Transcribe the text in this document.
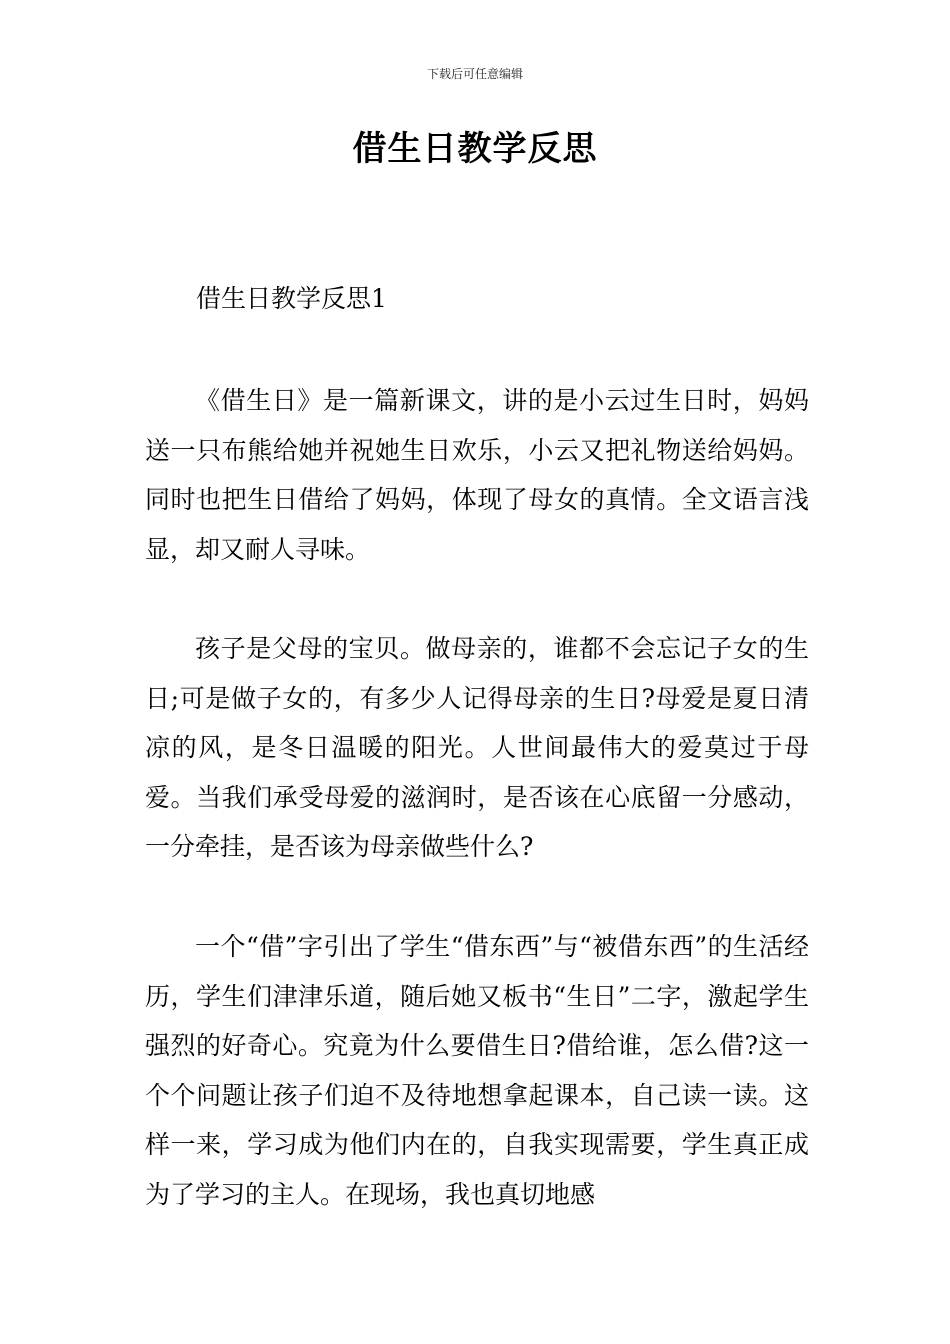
下载后可任意编辑

借生日教学反思
借生日教学反思1

《借生日》是一篇新课文，讲的是小云过生日时，妈妈送一只布熊给她并祝她生日欢乐，小云又把礼物送给妈妈。同时也把生日借给了妈妈，体现了母女的真情。全文语言浅显，却又耐人寻味。

孩子是父母的宝贝。做母亲的，谁都不会忘记子女的生日;可是做子女的，有多少人记得母亲的生日?母爱是夏日清凉的风，是冬日温暖的阳光。人世间最伟大的爱莫过于母爱。当我们承受母爱的滋润时，是否该在心底留一分感动，一分牵挂，是否该为母亲做些什么?

一个“借”字引出了学生“借东西”与“被借东西”的生活经历，学生们津津乐道，随后她又板书“生日”二字，激起学生强烈的好奇心。究竟为什么要借生日?借给谁，怎么借?这一个个问题让孩子们迫不及待地想拿起课本，自己读一读。这样一来，学习成为他们内在的，自我实现需要，学生真正成为了学习的主人。在现场，我也真切地感
